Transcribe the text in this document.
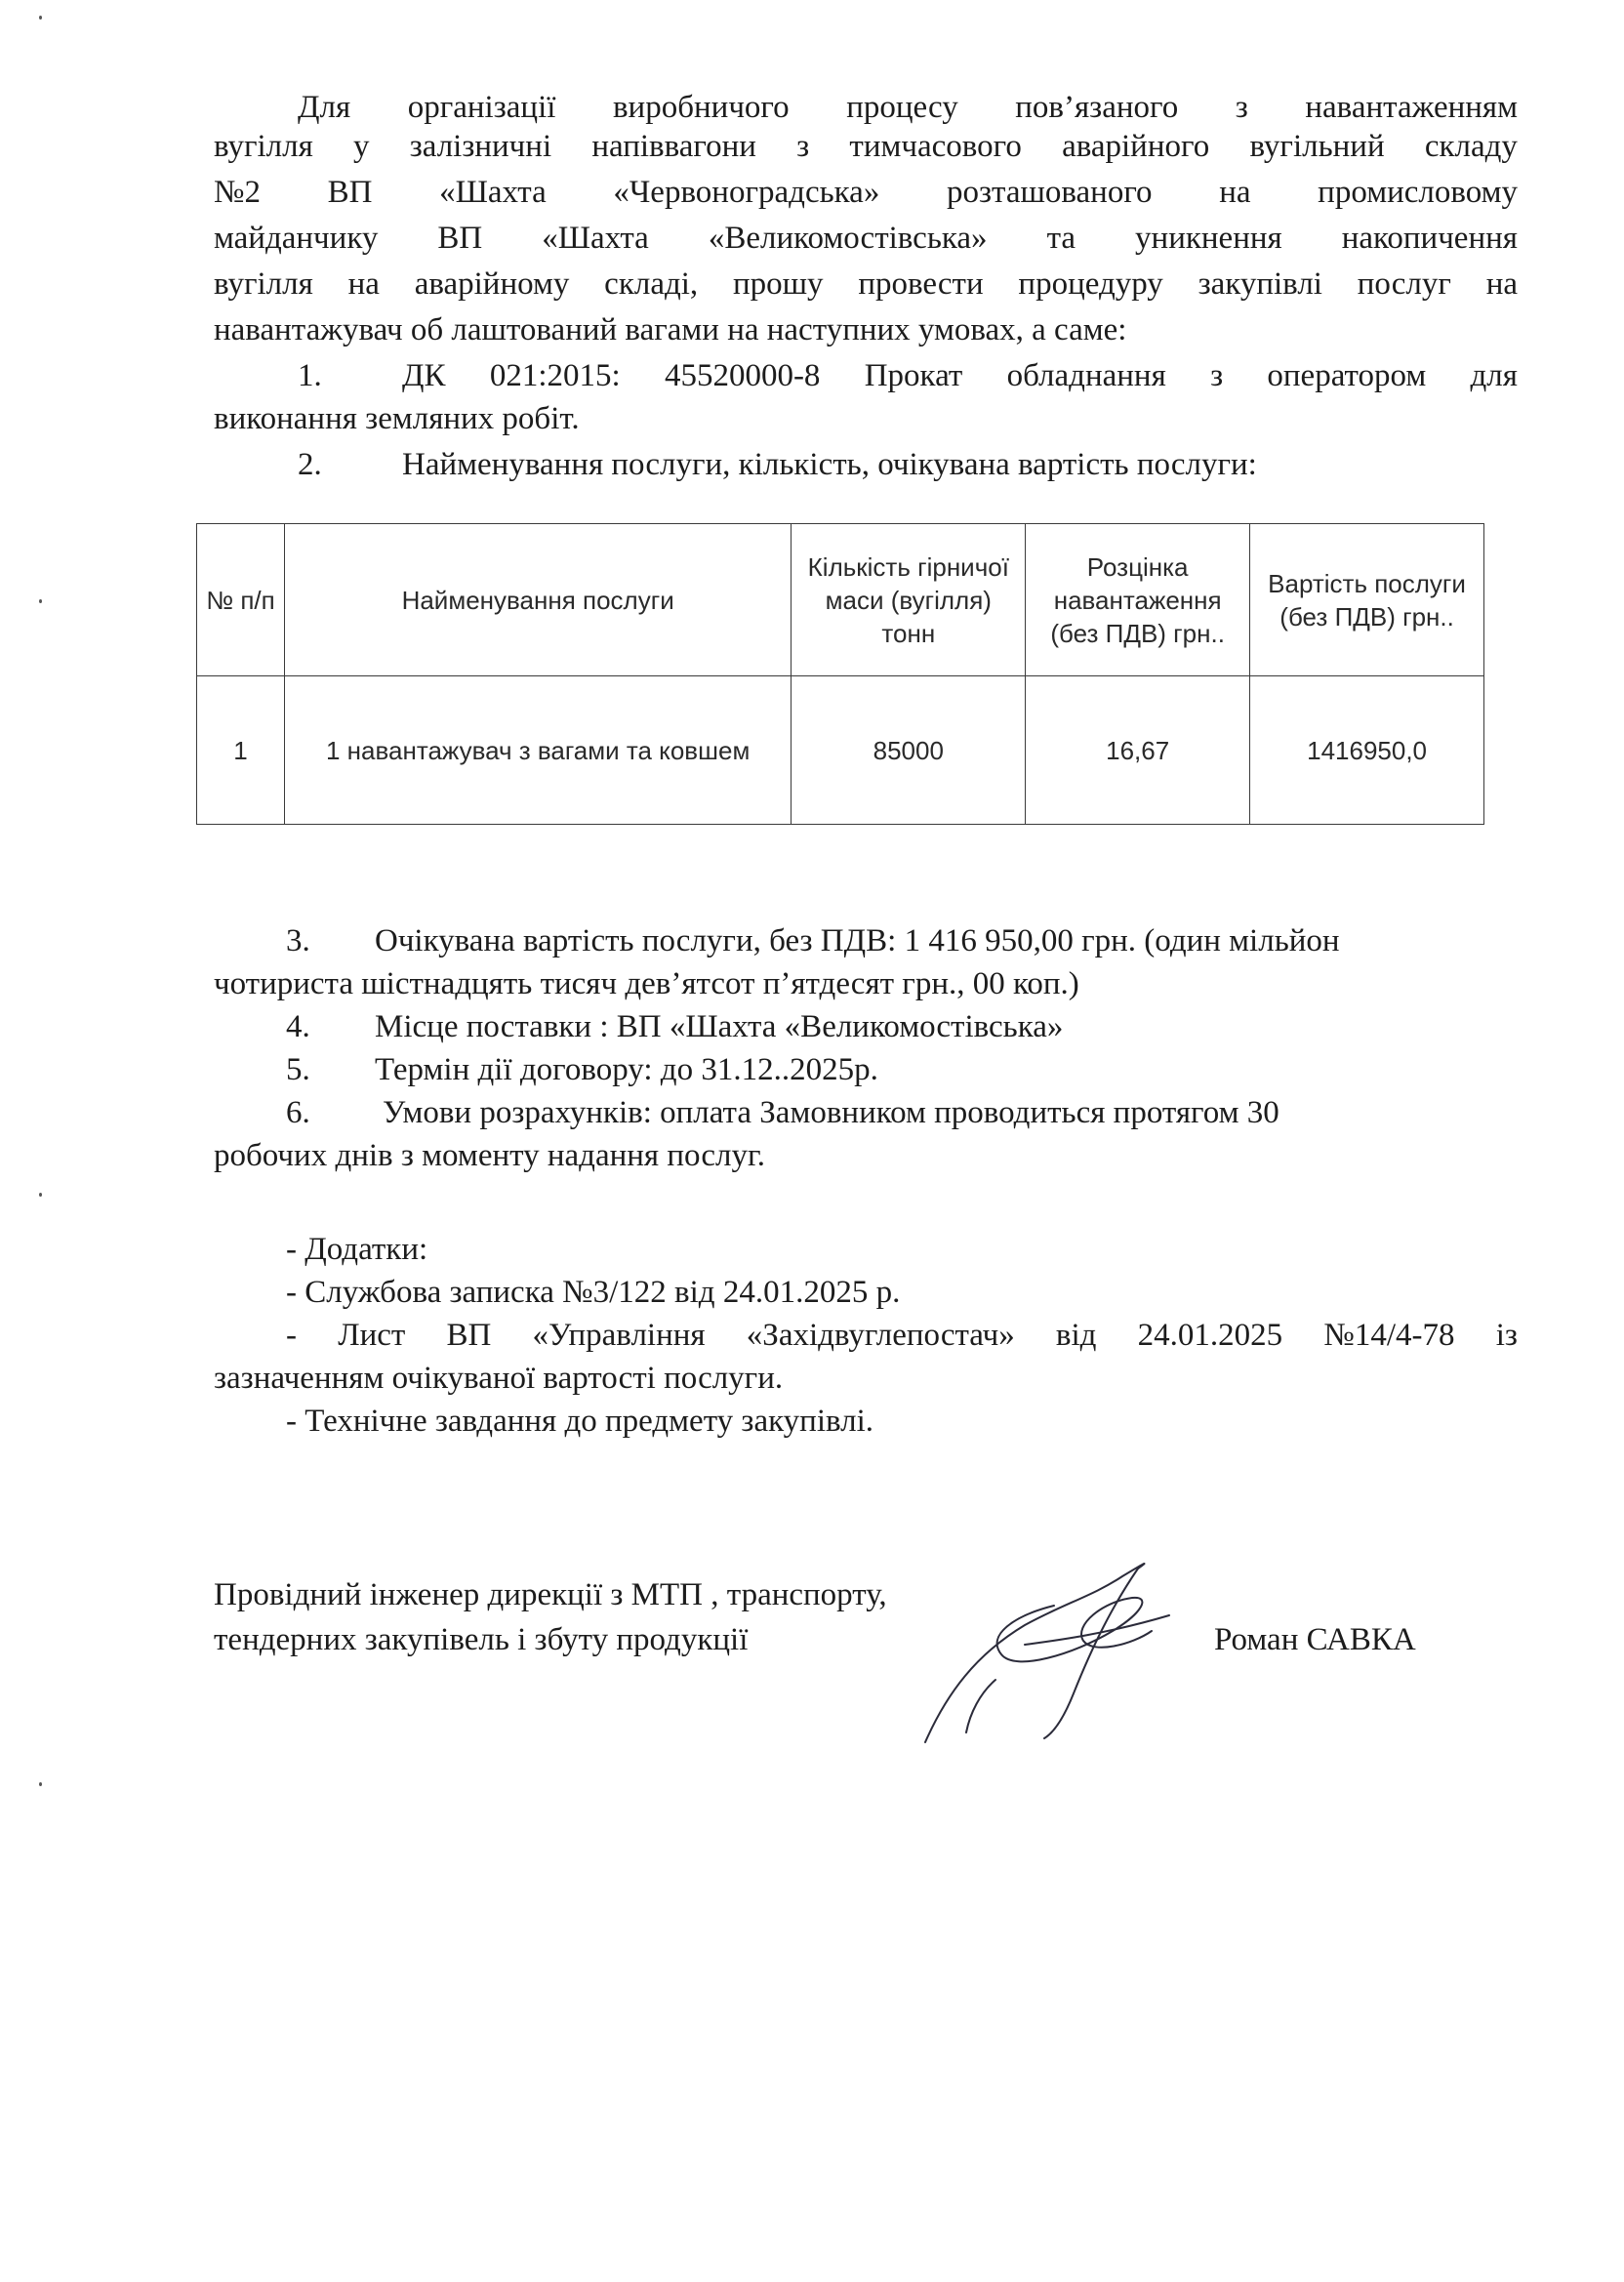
Для організації виробничого процесу пов’язаного з навантаженням
вугілля у залізничні напіввагони з тимчасового аварійного вугільний складу
№2 ВП «Шахта «Червоноградська» розташованого на промисловому
майданчику ВП «Шахта «Великомостівська» та уникнення накопичення
вугілля на аварійному складі, прошу провести процедуру закупівлі послуг на
навантажувач об лаштований вагами на наступних умовах, а саме:
1. ДК 021:2015: 45520000-8 Прокат обладнання з оператором для
виконання земляних робіт.
2. Найменування послуги, кількість, очікувана вартість послуги:
№ п/п	Найменування послуги	Кількість гірничої маси (вугілля) тонн	Розцінка навантаження (без ПДВ) грн..	Вартість послуги (без ПДВ) грн..
1	1 навантажувач з вагами та ковшем	85000	16,67	1416950,0
3. Очікувана вартість послуги, без ПДВ: 1 416 950,00 грн. (один мільйон
чотириста шістнадцять тисяч дев’ятсот п’ятдесят грн., 00 коп.)
4. Місце поставки : ВП «Шахта «Великомостівська»
5. Термін дії договору: до 31.12..2025р.
6. Умови розрахунків: оплата Замовником проводиться протягом 30
робочих днів з моменту надання послуг.
- Додатки:
- Службова записка №3/122 від 24.01.2025 р.
- Лист ВП «Управління «Західвуглепостач» від 24.01.2025 №14/4-78 із
зазначенням очікуваної вартості послуги.
- Технічне завдання до предмету закупівлі.
Провідний інженер дирекції з МТП , транспорту,
тендерних закупівель і збуту продукції	Роман САВКА
